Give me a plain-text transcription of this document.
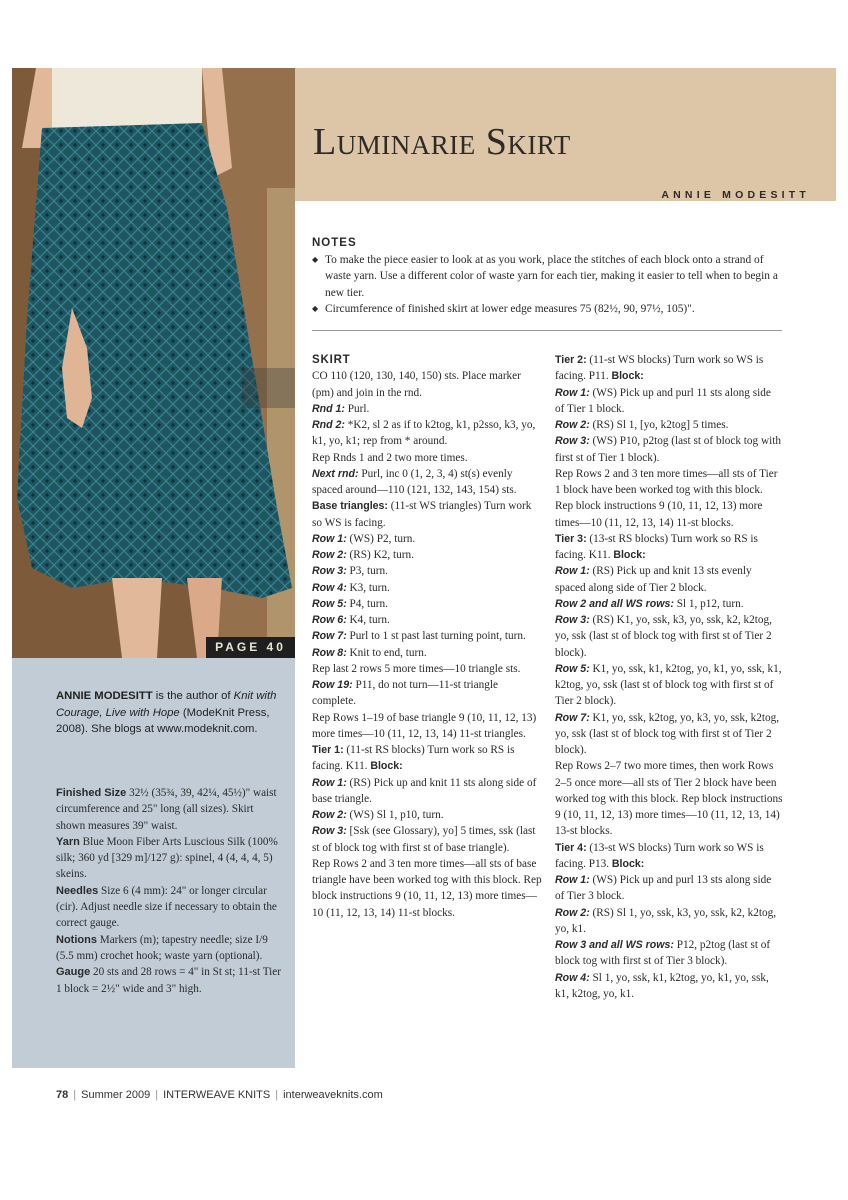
PAGE 40
Luminarie Skirt
ANNIE MODESITT
ANNIE MODESITT is the author of Knit with Courage, Live with Hope (ModeKnit Press, 2008). She blogs at www.modeknit.com.

Finished Size 32½ (35¾, 39, 42¼, 45½)" waist circumference and 25" long (all sizes). Skirt shown measures 39" waist.

Yarn Blue Moon Fiber Arts Luscious Silk (100% silk; 360 yd [329 m]/127 g): spinel, 4 (4, 4, 4, 5) skeins.

Needles Size 6 (4 mm): 24" or longer circular (cir). Adjust needle size if necessary to obtain the correct gauge.

Notions Markers (m); tapestry needle; size I/9 (5.5 mm) crochet hook; waste yarn (optional).

Gauge 20 sts and 28 rows = 4" in St st; 11-st Tier 1 block = 2½" wide and 3" high.

NOTES
◆ To make the piece easier to look at as you work, place the stitches of each block onto a strand of waste yarn. Use a different color of waste yarn for each tier, making it easier to tell when to begin a new tier.
◆ Circumference of finished skirt at lower edge measures 75 (82½, 90, 97½, 105)".
SKIRT

CO 110 (120, 130, 140, 150) sts. Place marker (pm) and join in the rnd.

Rnd 1: Purl.

Rnd 2: *K2, sl 2 as if to k2tog, k1, p2sso, k3, yo, k1, yo, k1; rep from * around.

Rep Rnds 1 and 2 two more times.

Next rnd: Purl, inc 0 (1, 2, 3, 4) st(s) evenly spaced around—110 (121, 132, 143, 154) sts.

Base triangles: (11-st WS triangles) Turn work so WS is facing.

Row 1: (WS) P2, turn.

Row 2: (RS) K2, turn.

Row 3: P3, turn.

Row 4: K3, turn.

Row 5: P4, turn.

Row 6: K4, turn.

Row 7: Purl to 1 st past last turning point, turn.

Row 8: Knit to end, turn.

Rep last 2 rows 5 more times—10 triangle sts.

Row 19: P11, do not turn—11-st triangle complete.

Rep Rows 1–19 of base triangle 9 (10, 11, 12, 13) more times—10 (11, 12, 13, 14) 11-st triangles.

Tier 1: (11-st RS blocks) Turn work so RS is facing. K11. Block:

Row 1: (RS) Pick up and knit 11 sts along side of base triangle.

Row 2: (WS) Sl 1, p10, turn.

Row 3: [Ssk (see Glossary), yo] 5 times, ssk (last st of block tog with first st of base triangle).

Rep Rows 2 and 3 ten more times—all sts of base triangle have been worked tog with this block. Rep block instructions 9 (10, 11, 12, 13) more times—10 (11, 12, 13, 14) 11-st blocks.

Tier 2: (11-st WS blocks) Turn work so WS is facing. P11. Block:

Row 1: (WS) Pick up and purl 11 sts along side of Tier 1 block.

Row 2: (RS) Sl 1, [yo, k2tog] 5 times.

Row 3: (WS) P10, p2tog (last st of block tog with first st of Tier 1 block).

Rep Rows 2 and 3 ten more times—all sts of Tier 1 block have been worked tog with this block. Rep block instructions 9 (10, 11, 12, 13) more times—10 (11, 12, 13, 14) 11-st blocks.

Tier 3: (13-st RS blocks) Turn work so RS is facing. K11. Block:

Row 1: (RS) Pick up and knit 13 sts evenly spaced along side of Tier 2 block.

Row 2 and all WS rows: Sl 1, p12, turn.

Row 3: (RS) K1, yo, ssk, k3, yo, ssk, k2, k2tog, yo, ssk (last st of block tog with first st of Tier 2 block).

Row 5: K1, yo, ssk, k1, k2tog, yo, k1, yo, ssk, k1, k2tog, yo, ssk (last st of block tog with first st of Tier 2 block).

Row 7: K1, yo, ssk, k2tog, yo, k3, yo, ssk, k2tog, yo, ssk (last st of block tog with first st of Tier 2 block).

Rep Rows 2–7 two more times, then work Rows 2–5 once more—all sts of Tier 2 block have been worked tog with this block. Rep block instructions 9 (10, 11, 12, 13) more times—10 (11, 12, 13, 14) 13-st blocks.

Tier 4: (13-st WS blocks) Turn work so WS is facing. P13. Block:

Row 1: (WS) Pick up and purl 13 sts along side of Tier 3 block.

Row 2: (RS) Sl 1, yo, ssk, k3, yo, ssk, k2, k2tog, yo, k1.

Row 3 and all WS rows: P12, p2tog (last st of block tog with first st of Tier 3 block).

Row 4: Sl 1, yo, ssk, k1, k2tog, yo, k1, yo, ssk, k1, k2tog, yo, k1.

78 | Summer 2009 | INTERWEAVE KNITS | interweaveknits.com
